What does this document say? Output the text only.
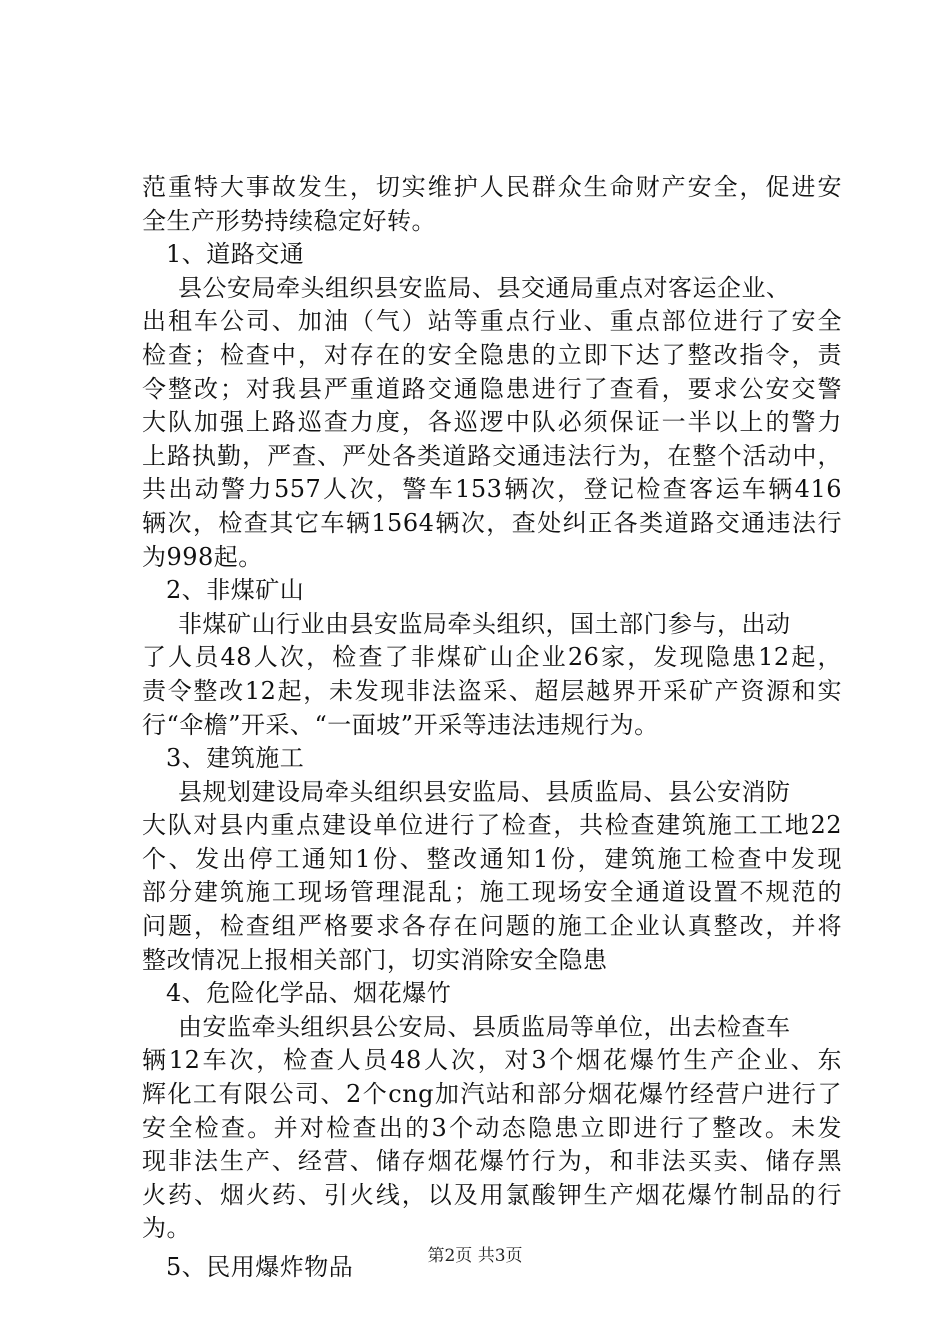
范重特大事故发生，切实维护人民群众生命财产安全，促进安
全生产形势持续稳定好转。
1、道路交通
县公安局牵头组织县安监局、县交通局重点对客运企业、
出租车公司、加油（气）站等重点行业、重点部位进行了安全
检查；检查中，对存在的安全隐患的立即下达了整改指令，责
令整改；对我县严重道路交通隐患进行了查看，要求公安交警
大队加强上路巡查力度，各巡逻中队必须保证一半以上的警力
上路执勤，严查、严处各类道路交通违法行为，在整个活动中，
共出动警力557人次，警车153辆次，登记检查客运车辆416
辆次，检查其它车辆1564辆次，查处纠正各类道路交通违法行
为998起。
2、非煤矿山
非煤矿山行业由县安监局牵头组织，国土部门参与，出动
了人员48人次，检查了非煤矿山企业26家，发现隐患12起，
责令整改12起，未发现非法盗采、超层越界开采矿产资源和实
行“伞檐”开采、“一面坡”开采等违法违规行为。
3、建筑施工
县规划建设局牵头组织县安监局、县质监局、县公安消防
大队对县内重点建设单位进行了检查，共检查建筑施工工地22
个、发出停工通知1份、整改通知1份，建筑施工检查中发现
部分建筑施工现场管理混乱；施工现场安全通道设置不规范的
问题，检查组严格要求各存在问题的施工企业认真整改，并将
整改情况上报相关部门，切实消除安全隐患
4、危险化学品、烟花爆竹
由安监牵头组织县公安局、县质监局等单位，出去检查车
辆12车次，检查人员48人次，对3个烟花爆竹生产企业、东
辉化工有限公司、2个cng加汽站和部分烟花爆竹经营户进行了
安全检查。并对检查出的3个动态隐患立即进行了整改。未发
现非法生产、经营、储存烟花爆竹行为，和非法买卖、储存黑
火药、烟火药、引火线，以及用氯酸钾生产烟花爆竹制品的行
为。
5、民用爆炸物品	第2页 共3页
